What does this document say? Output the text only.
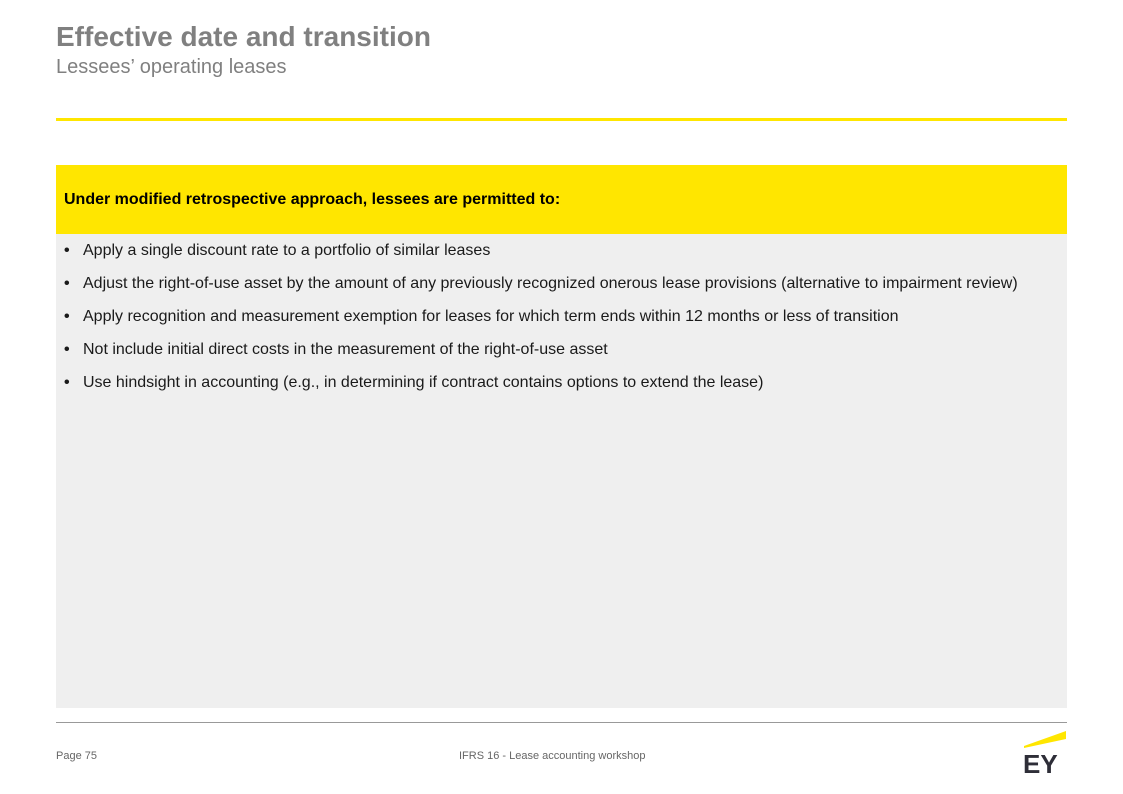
Effective date and transition
Lessees’ operating leases
Under modified retrospective approach, lessees are permitted to:
• Apply a single discount rate to a portfolio of similar leases
• Adjust the right-of-use asset by the amount of any previously recognized onerous lease provisions (alternative to impairment review)
• Apply recognition and measurement exemption for leases for which term ends within 12 months or less of transition
• Not include initial direct costs in the measurement of the right-of-use asset
• Use hindsight in accounting (e.g., in determining if contract contains options to extend the lease)
Page 75	IFRS 16 - Lease accounting workshop	EY
